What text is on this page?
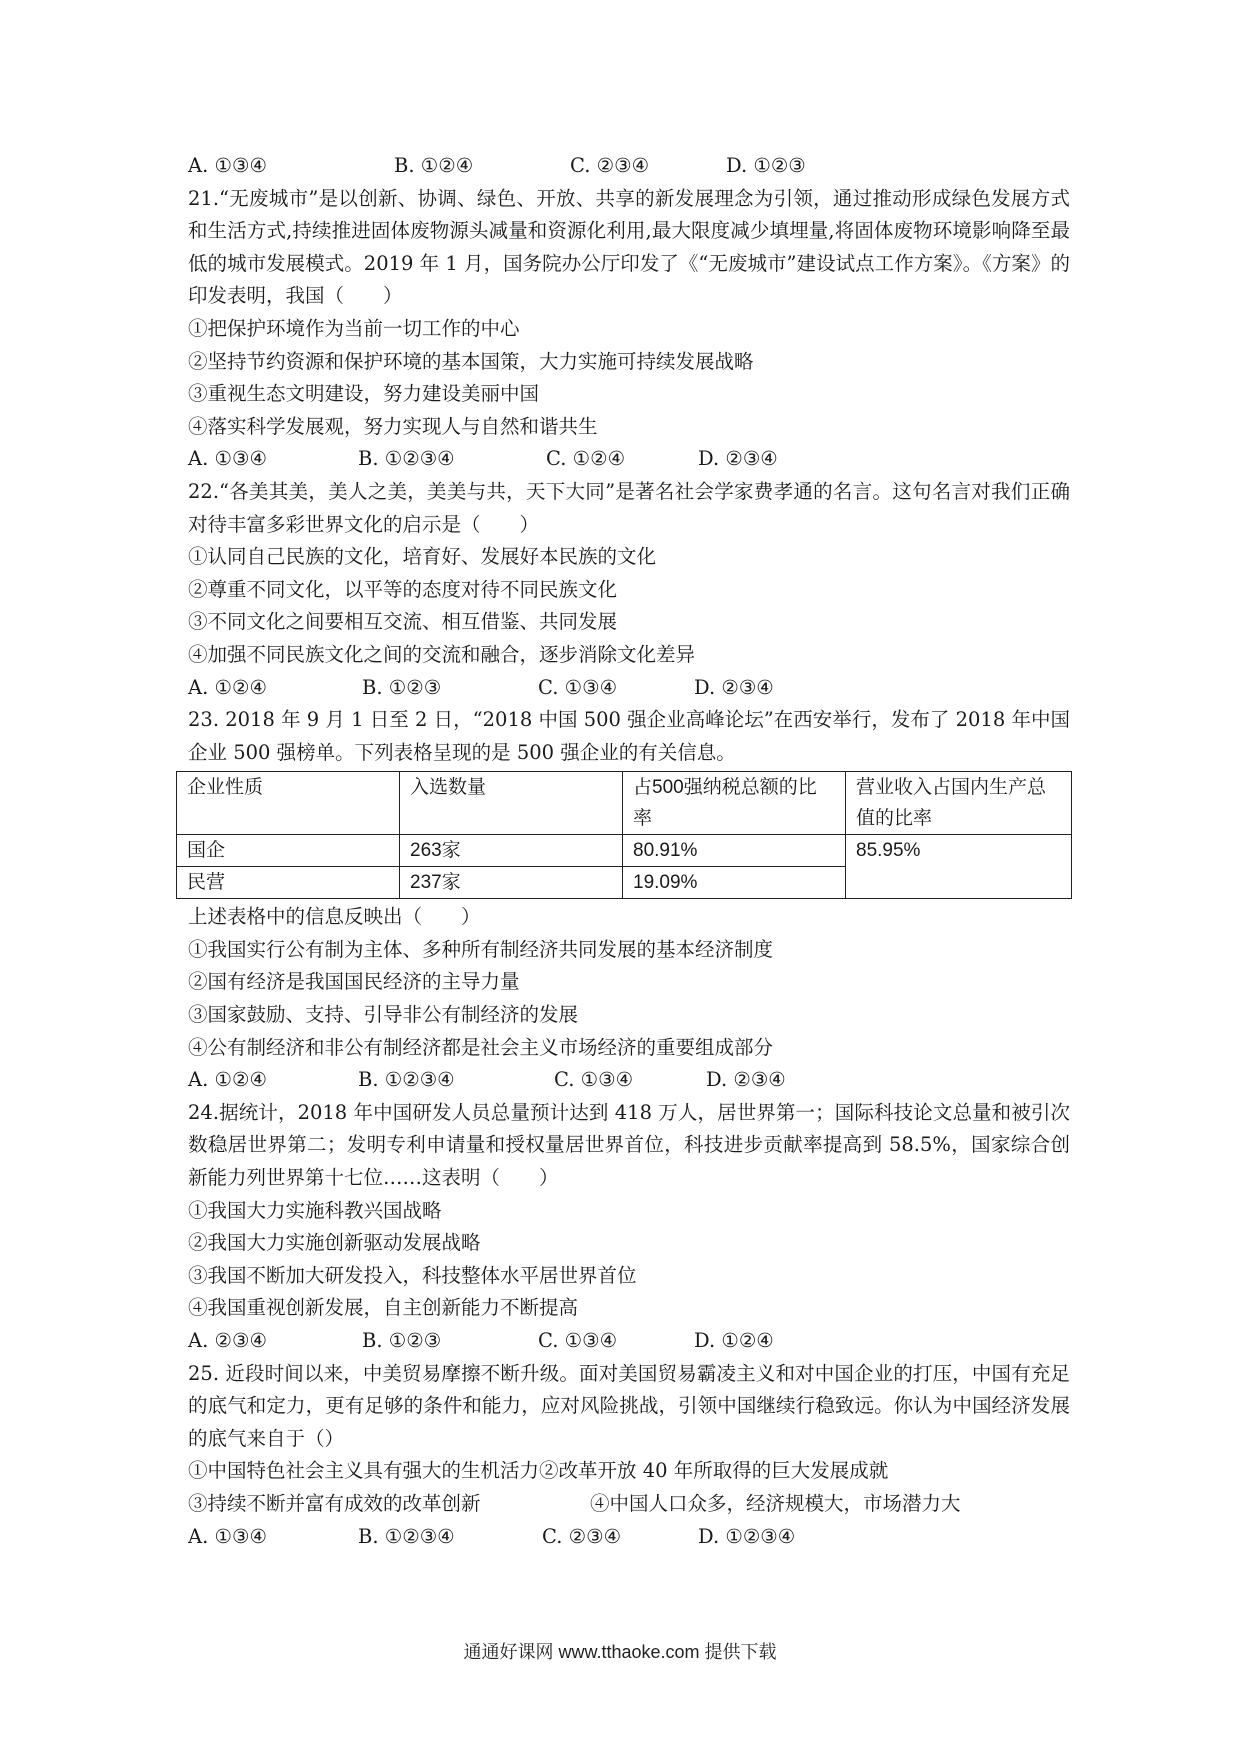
A. ①③④	B. ①②④	C. ②③④	D. ①②③
21.“无废城市”是以创新、协调、绿色、开放、共享的新发展理念为引领，通过推动形成绿色发展方式和生活方式,持续推进固体废物源头减量和资源化利用,最大限度减少填埋量,将固体废物环境影响降至最低的城市发展模式。2019 年 1 月，国务院办公厅印发了《“无废城市”建设试点工作方案》。《方案》的印发表明，我国（　　）
①把保护环境作为当前一切工作的中心
②坚持节约资源和保护环境的基本国策，大力实施可持续发展战略
③重视生态文明建设，努力建设美丽中国
④落实科学发展观，努力实现人与自然和谐共生
A. ①③④	B. ①②③④	C. ①②④	D. ②③④
22.“各美其美，美人之美，美美与共，天下大同”是著名社会学家费孝通的名言。这句名言对我们正确对待丰富多彩世界文化的启示是（　　）
①认同自己民族的文化，培育好、发展好本民族的文化
②尊重不同文化，以平等的态度对待不同民族文化
③不同文化之间要相互交流、相互借鉴、共同发展
④加强不同民族文化之间的交流和融合，逐步消除文化差异
A. ①②④	B. ①②③	C. ①③④	D. ②③④
23. 2018 年 9 月 1 日至 2 日，“2018 中国 500 强企业高峰论坛”在西安举行，发布了 2018 年中国企业 500 强榜单。下列表格呈现的是 500 强企业的有关信息。
企业性质	入选数量	占500强纳税总额的比率	营业收入占国内生产总值的比率
国企	263家	80.91%	85.95%
民营	237家	19.09%	
上述表格中的信息反映出（　　）
①我国实行公有制为主体、多种所有制经济共同发展的基本经济制度
②国有经济是我国国民经济的主导力量
③国家鼓励、支持、引导非公有制经济的发展
④公有制经济和非公有制经济都是社会主义市场经济的重要组成部分
A. ①②④	B. ①②③④	C. ①③④	D. ②③④
24.据统计，2018 年中国研发人员总量预计达到 418 万人，居世界第一；国际科技论文总量和被引次数稳居世界第二；发明专利申请量和授权量居世界首位，科技进步贡献率提高到 58.5%，国家综合创新能力列世界第十七位……这表明（　　）
①我国大力实施科教兴国战略
②我国大力实施创新驱动发展战略
③我国不断加大研发投入，科技整体水平居世界首位
④我国重视创新发展，自主创新能力不断提高
A. ②③④	B. ①②③	C. ①③④	D. ①②④
25. 近段时间以来，中美贸易摩擦不断升级。面对美国贸易霸凌主义和对中国企业的打压，中国有充足的底气和定力，更有足够的条件和能力，应对风险挑战，引领中国继续行稳致远。你认为中国经济发展的底气来自于（）
①中国特色社会主义具有强大的生机活力②改革开放 40 年所取得的巨大发展成就
③持续不断并富有成效的改革创新	④中国人口众多，经济规模大，市场潜力大
A. ①③④	B. ①②③④	C. ②③④	D. ①②③④
通通好课网 www.tthaoke.com 提供下载
